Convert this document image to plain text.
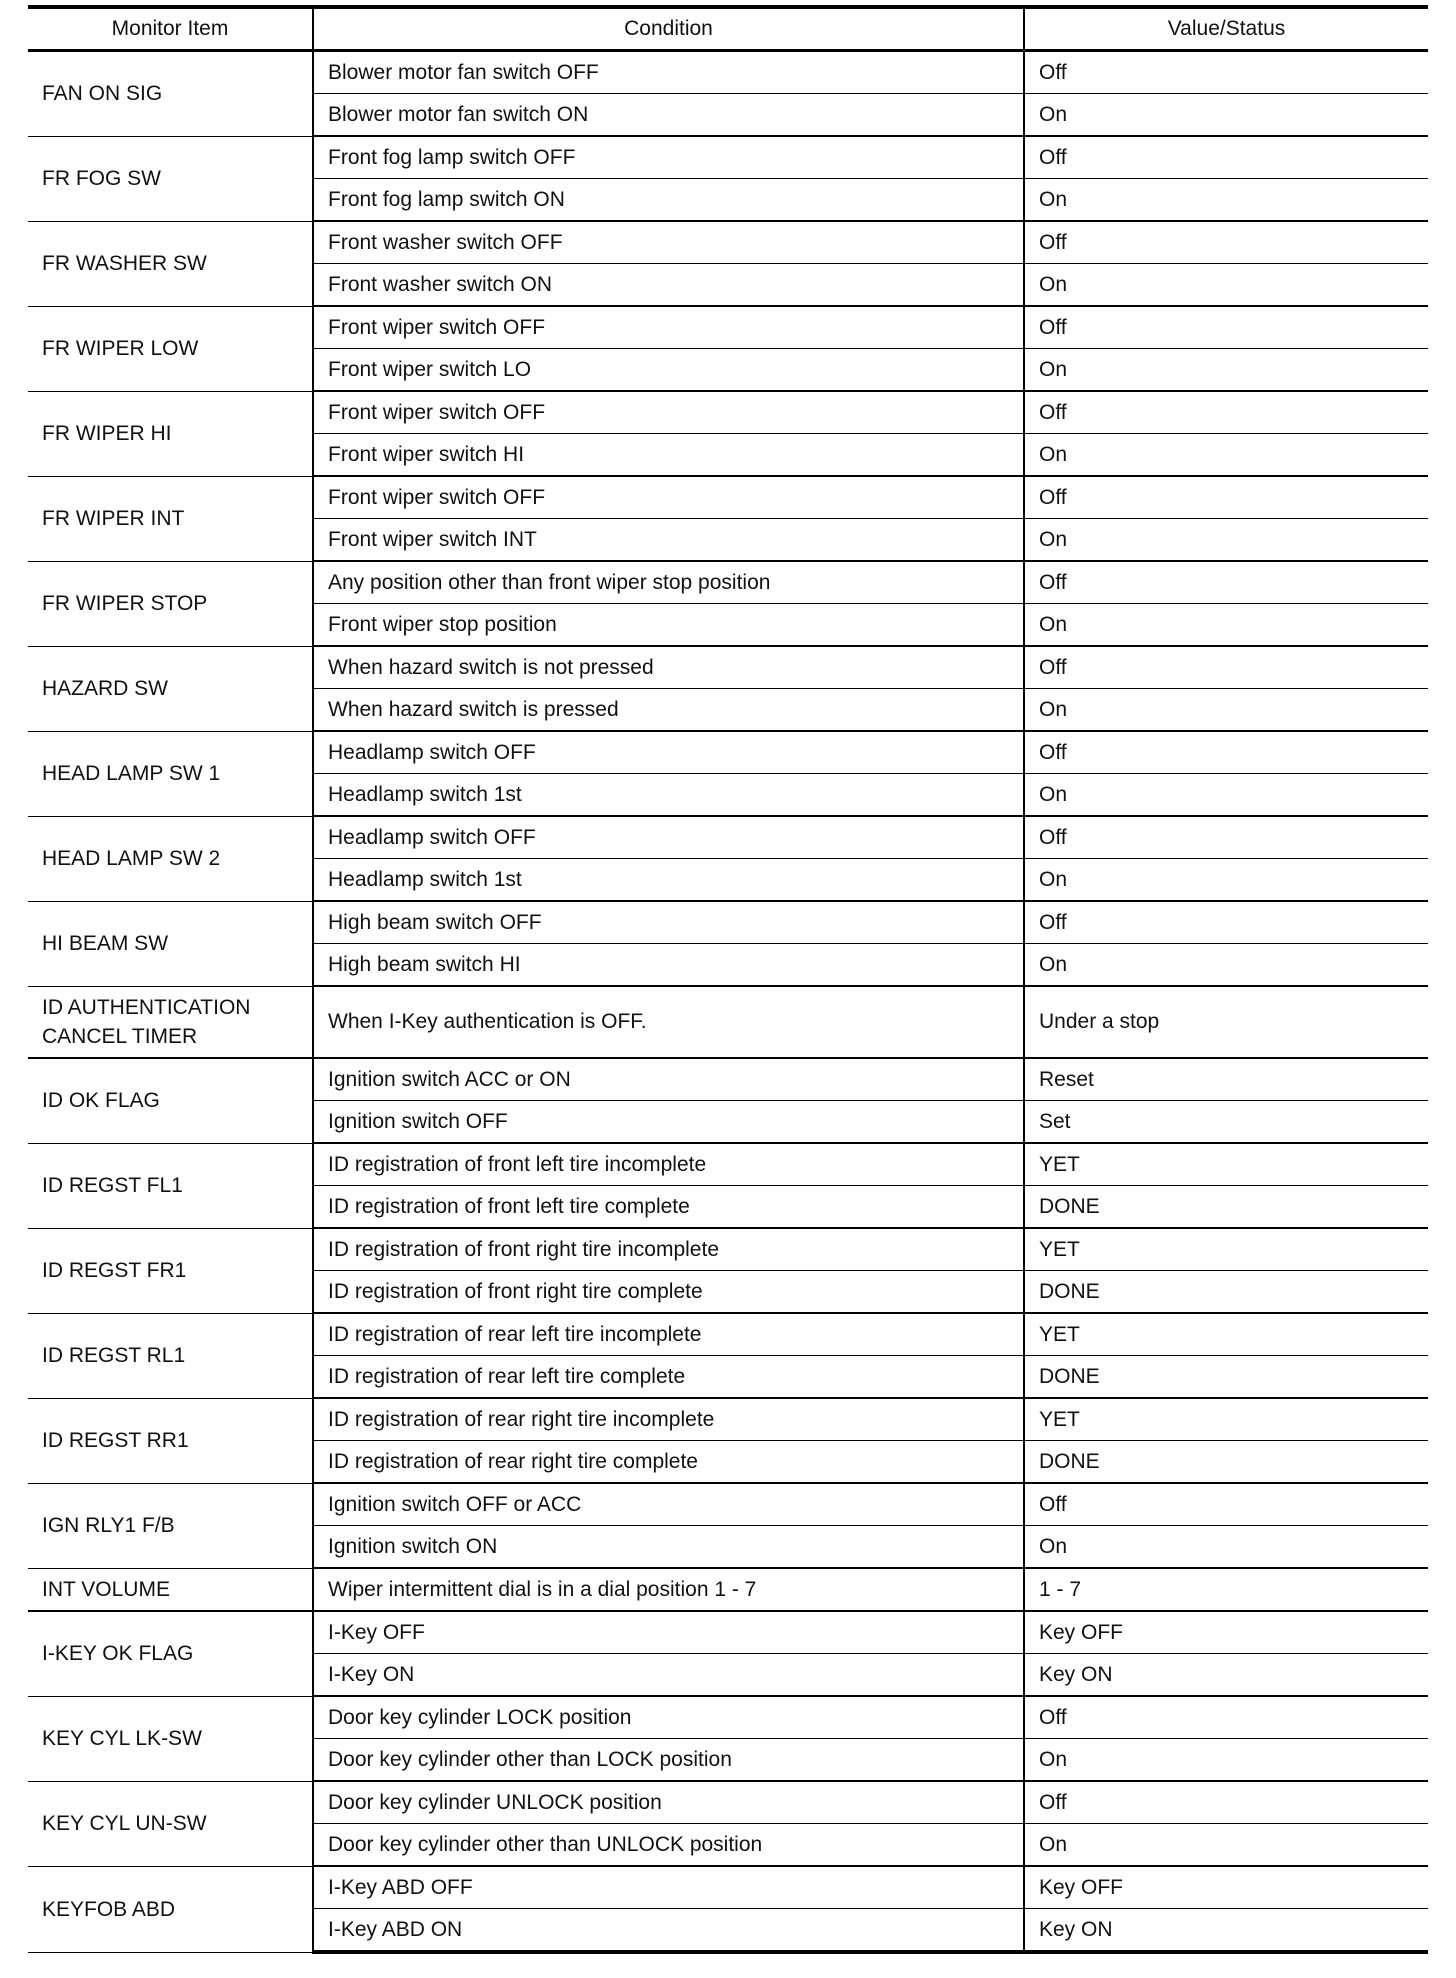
Monitor Item	Condition	Value/Status
FAN ON SIG	Blower motor fan switch OFF	Off
	Blower motor fan switch ON	On
FR FOG SW	Front fog lamp switch OFF	Off
	Front fog lamp switch ON	On
FR WASHER SW	Front washer switch OFF	Off
	Front washer switch ON	On
FR WIPER LOW	Front wiper switch OFF	Off
	Front wiper switch LO	On
FR WIPER HI	Front wiper switch OFF	Off
	Front wiper switch HI	On
FR WIPER INT	Front wiper switch OFF	Off
	Front wiper switch INT	On
FR WIPER STOP	Any position other than front wiper stop position	Off
	Front wiper stop position	On
HAZARD SW	When hazard switch is not pressed	Off
	When hazard switch is pressed	On
HEAD LAMP SW 1	Headlamp switch OFF	Off
	Headlamp switch 1st	On
HEAD LAMP SW 2	Headlamp switch OFF	Off
	Headlamp switch 1st	On
HI BEAM SW	High beam switch OFF	Off
	High beam switch HI	On
ID AUTHENTICATION CANCEL TIMER	When I-Key authentication is OFF.	Under a stop
ID OK FLAG	Ignition switch ACC or ON	Reset
	Ignition switch OFF	Set
ID REGST FL1	ID registration of front left tire incomplete	YET
	ID registration of front left tire complete	DONE
ID REGST FR1	ID registration of front right tire incomplete	YET
	ID registration of front right tire complete	DONE
ID REGST RL1	ID registration of rear left tire incomplete	YET
	ID registration of rear left tire complete	DONE
ID REGST RR1	ID registration of rear right tire incomplete	YET
	ID registration of rear right tire complete	DONE
IGN RLY1 F/B	Ignition switch OFF or ACC	Off
	Ignition switch ON	On
INT VOLUME	Wiper intermittent dial is in a dial position 1 - 7	1 - 7
I-KEY OK FLAG	I-Key OFF	Key OFF
	I-Key ON	Key ON
KEY CYL LK-SW	Door key cylinder LOCK position	Off
	Door key cylinder other than LOCK position	On
KEY CYL UN-SW	Door key cylinder UNLOCK position	Off
	Door key cylinder other than UNLOCK position	On
KEYFOB ABD	I-Key ABD OFF	Key OFF
	I-Key ABD ON	Key ON
